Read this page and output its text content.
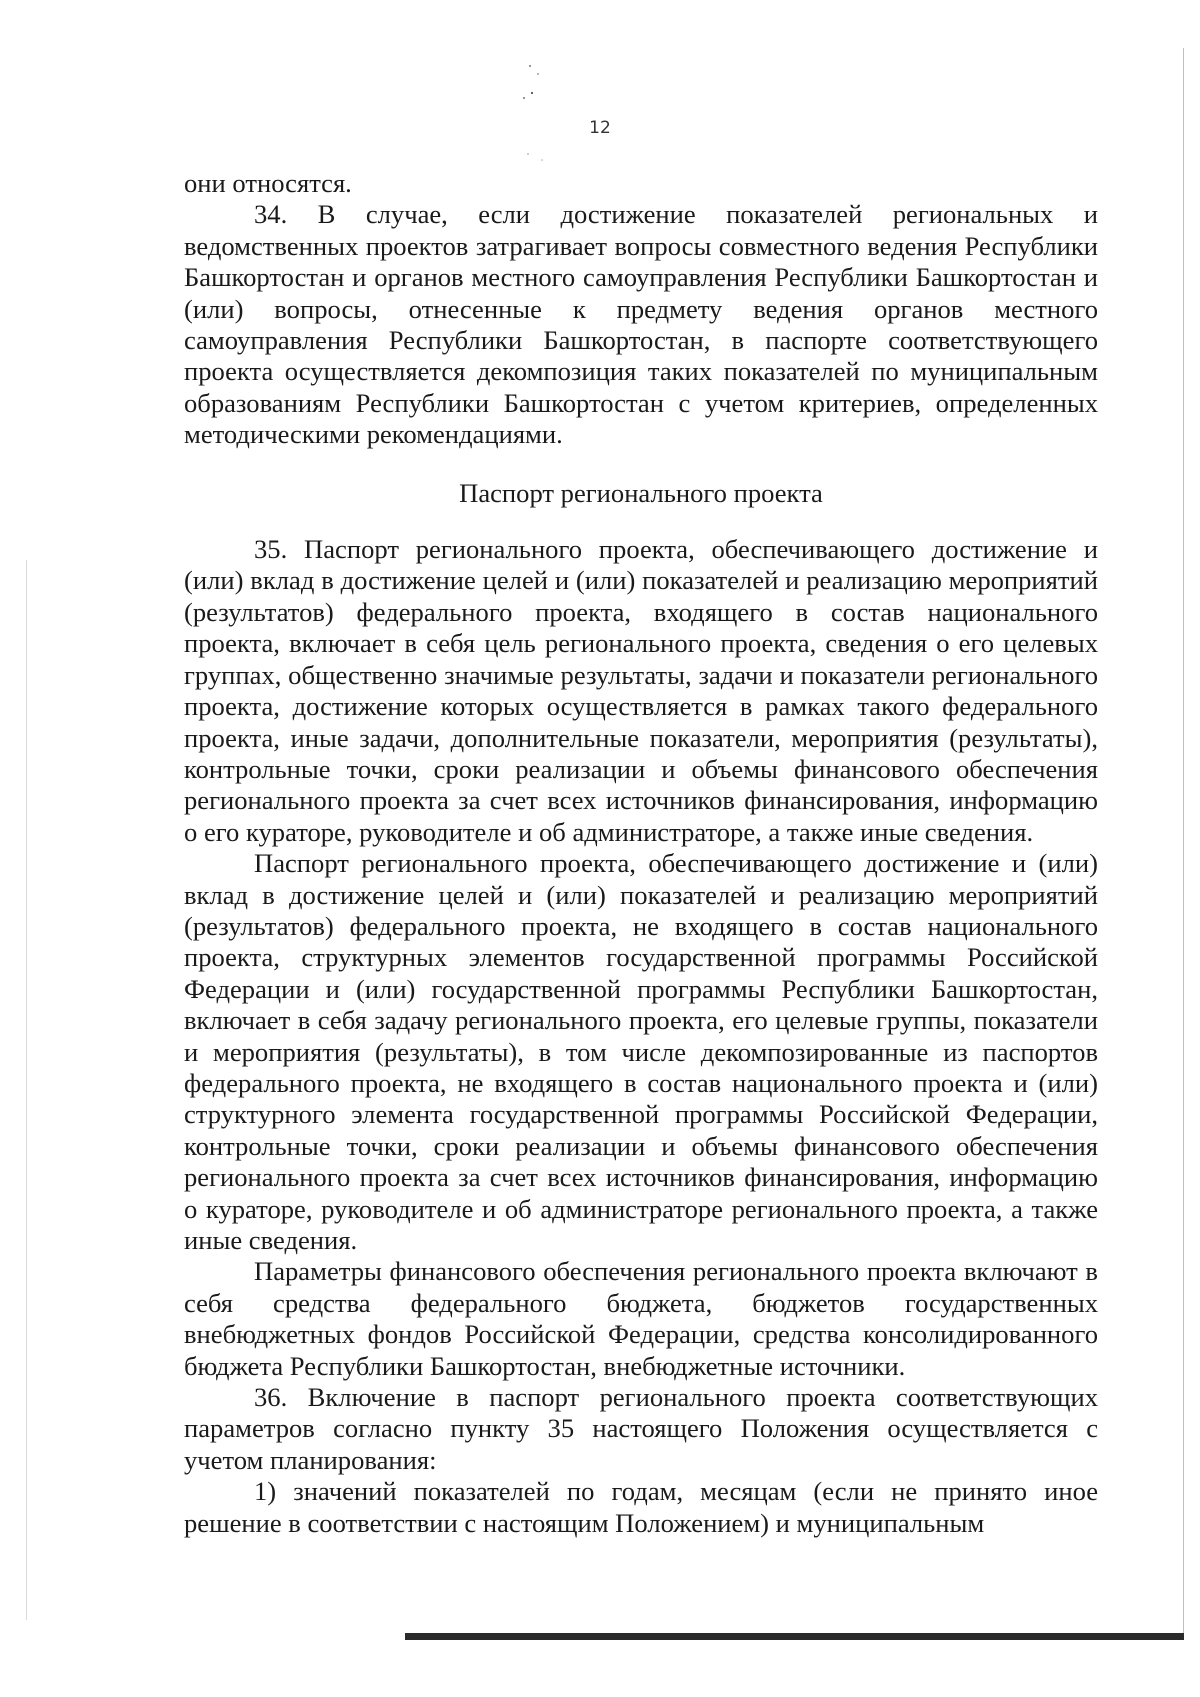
12

они относятся.

34. В случае, если достижение показателей региональных и ведомственных проектов затрагивает вопросы совместного ведения Республики Башкортостан и органов местного самоуправления Республики Башкортостан и (или) вопросы, отнесенные к предмету ведения органов местного самоуправления Республики Башкортостан, в паспорте соответствующего проекта осуществляется декомпозиция таких показателей по муниципальным образованиям Республики Башкортостан с учетом критериев, определенных методическими рекомендациями.

Паспорт регионального проекта

35. Паспорт регионального проекта, обеспечивающего достижение и (или) вклад в достижение целей и (или) показателей и реализацию мероприятий (результатов) федерального проекта, входящего в состав национального проекта, включает в себя цель регионального проекта, сведения о его целевых группах, общественно значимые результаты, задачи и показатели регионального проекта, достижение которых осуществляется в рамках такого федерального проекта, иные задачи, дополнительные показатели, мероприятия (результаты), контрольные точки, сроки реализации и объемы финансового обеспечения регионального проекта за счет всех источников финансирования, информацию о его кураторе, руководителе и об администраторе, а также иные сведения.

Паспорт регионального проекта, обеспечивающего достижение и (или) вклад в достижение целей и (или) показателей и реализацию мероприятий (результатов) федерального проекта, не входящего в состав национального проекта, структурных элементов государственной программы Российской Федерации и (или) государственной программы Республики Башкортостан, включает в себя задачу регионального проекта, его целевые группы, показатели и мероприятия (результаты), в том числе декомпозированные из паспортов федерального проекта, не входящего в состав национального проекта и (или) структурного элемента государственной программы Российской Федерации, контрольные точки, сроки реализации и объемы финансового обеспечения регионального проекта за счет всех источников финансирования, информацию о кураторе, руководителе и об администраторе регионального проекта, а также иные сведения.

Параметры финансового обеспечения регионального проекта включают в себя средства федерального бюджета, бюджетов государственных внебюджетных фондов Российской Федерации, средства консолидированного бюджета Республики Башкортостан, внебюджетные источники.

36. Включение в паспорт регионального проекта соответствующих параметров согласно пункту 35 настоящего Положения осуществляется с учетом планирования:

1) значений показателей по годам, месяцам (если не принято иное решение в соответствии с настоящим Положением) и муниципальным
